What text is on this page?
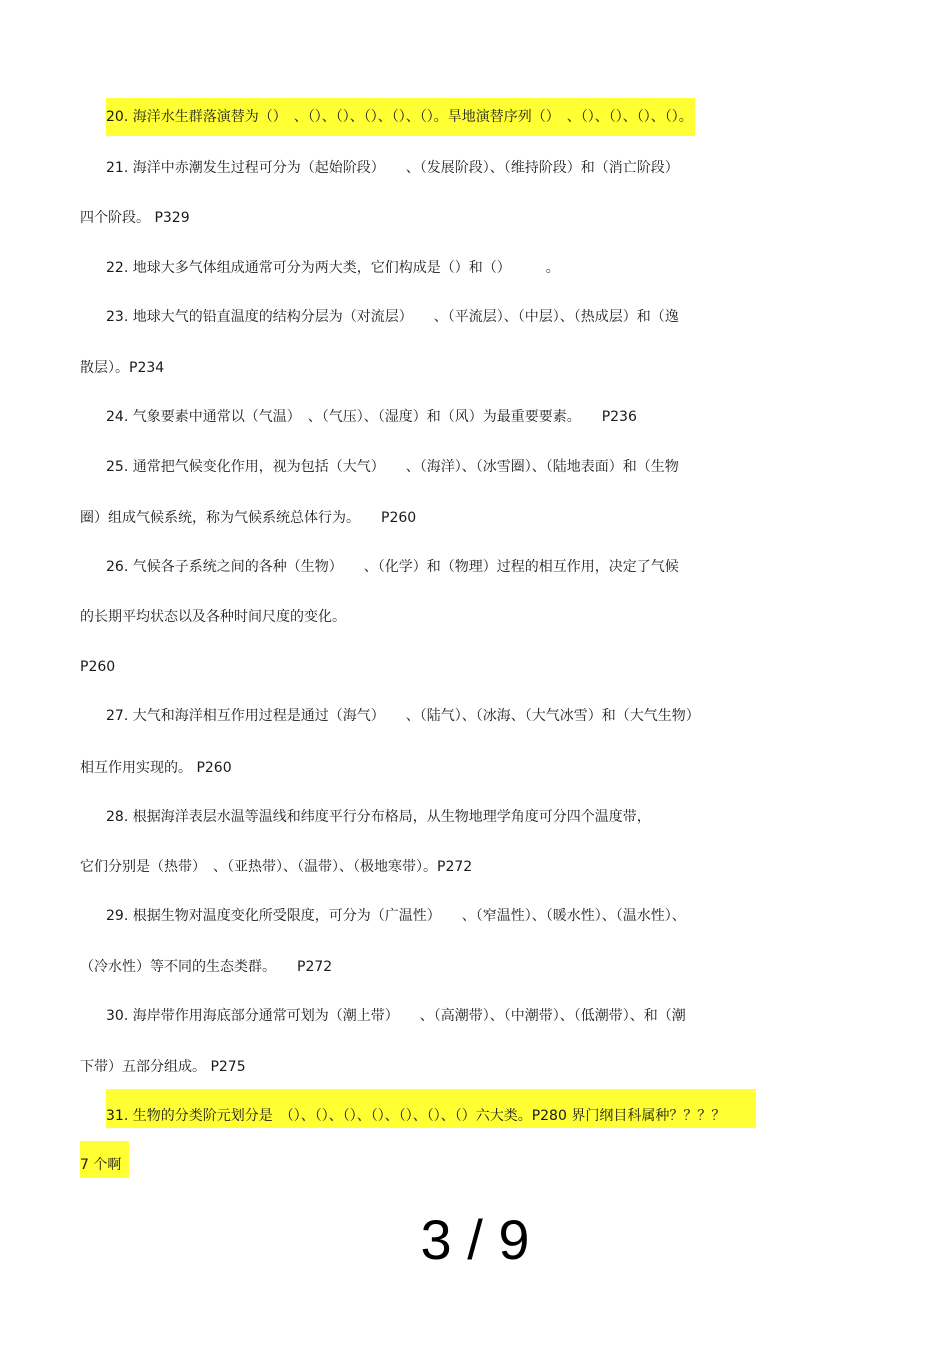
20. 海洋水生群落演替为（）　、（）、（）、（）、（）、（）。旱地演替序列（）　、（）、（）、（）、（）。
21. 海洋中赤潮发生过程可分为（起始阶段）　　、（发展阶段）、（维持阶段）和（消亡阶段）
四个阶段。 P329
22. 地球大多气体组成通常可分为两大类，它们构成是（）和（）　　　。
23. 地球大气的铅直温度的结构分层为（对流层）　　、（平流层）、（中层）、（热成层）和（逸
散层）。P234
24. 气象要素中通常以（气温）　、（气压）、（湿度）和（风）为最重要要素。　　P236
25. 通常把气候变化作用，视为包括（大气）　　、（海洋）、（冰雪圈）、（陆地表面）和（生物
圈）组成气候系统，称为气候系统总体行为。　　P260
26. 气候各子系统之间的各种（生物）　　、（化学）和（物理）过程的相互作用，决定了气候
的长期平均状态以及各种时间尺度的变化。
P260
27. 大气和海洋相互作用过程是通过（海气）　　、（陆气）、（冰海、（大气冰雪）和（大气生物）
相互作用实现的。 P260
28. 根据海洋表层水温等温线和纬度平行分布格局，从生物地理学角度可分四个温度带，
它们分别是（热带）　、（亚热带）、（温带）、（极地寒带）。P272
29. 根据生物对温度变化所受限度，可分为（广温性）　　、（窄温性）、（暖水性）、（温水性）、
（冷水性）等不同的生态类群。　　P272
30. 海岸带作用海底部分通常可划为（潮上带）　　、（高潮带）、（中潮带）、（低潮带）、和（潮
下带）五部分组成。 P275
31. 生物的分类阶元划分是　（）、（）、（）、（）、（）、（）、（）六大类。P280 界门纲目科属种？？？？
7 个啊
3 / 9
